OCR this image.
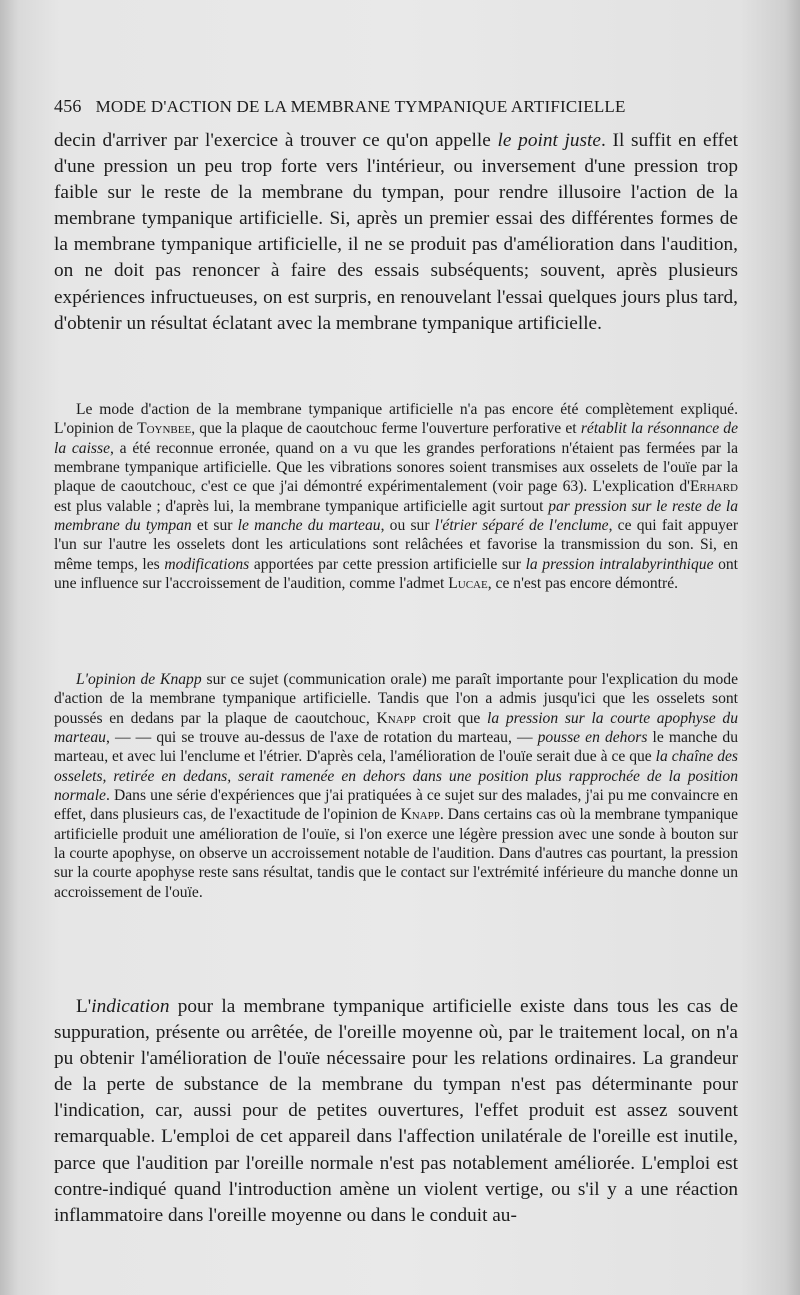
456 MODE D'ACTION DE LA MEMBRANE TYMPANIQUE ARTIFICIELLE

decin d'arriver par l'exercice à trouver ce qu'on appelle le point juste. Il suffit en effet d'une pression un peu trop forte vers l'intérieur, ou inversement d'une pression trop faible sur le reste de la membrane du tympan, pour rendre illusoire l'action de la membrane tympanique artificielle. Si, après un premier essai des différentes formes de la membrane tympanique artificielle, il ne se produit pas d'amélioration dans l'audition, on ne doit pas renoncer à faire des essais subséquents; souvent, après plusieurs expériences infructueuses, on est surpris, en renouvelant l'essai quelques jours plus tard, d'obtenir un résultat éclatant avec la membrane tympanique artificielle.

Le mode d'action de la membrane tympanique artificielle n'a pas encore été complètement expliqué. L'opinion de Toynbee, que la plaque de caoutchouc ferme l'ouverture perforative et rétablit la résonnance de la caisse, a été reconnue erronée, quand on a vu que les grandes perforations n'étaient pas fermées par la membrane tympanique artificielle. Que les vibrations sonores soient transmises aux osselets de l'ouïe par la plaque de caoutchouc, c'est ce que j'ai démontré expérimentalement (voir page 63). L'explication d'Erhard est plus valable ; d'après lui, la membrane tympanique artificielle agit surtout par pression sur le reste de la membrane du tympan et sur le manche du marteau, ou sur l'étrier séparé de l'enclume, ce qui fait appuyer l'un sur l'autre les osselets dont les articulations sont relâchées et favorise la transmission du son. Si, en même temps, les modifications apportées par cette pression artificielle sur la pression intralabyrinthique ont une influence sur l'accroissement de l'audition, comme l'admet Lucae, ce n'est pas encore démontré.

L'opinion de Knapp sur ce sujet (communication orale) me paraît importante pour l'explication du mode d'action de la membrane tympanique artificielle. Tandis que l'on a admis jusqu'ici que les osselets sont poussés en dedans par la plaque de caoutchouc, Knapp croit que la pression sur la courte apophyse du marteau, — — qui se trouve au-dessus de l'axe de rotation du marteau, — pousse en dehors le manche du marteau, et avec lui l'enclume et l'étrier. D'après cela, l'amélioration de l'ouïe serait due à ce que la chaîne des osselets, retirée en dedans, serait ramenée en dehors dans une position plus rapprochée de la position normale. Dans une série d'expériences que j'ai pratiquées à ce sujet sur des malades, j'ai pu me convaincre en effet, dans plusieurs cas, de l'exactitude de l'opinion de Knapp. Dans certains cas où la membrane tympanique artificielle produit une amélioration de l'ouïe, si l'on exerce une légère pression avec une sonde à bouton sur la courte apophyse, on observe un accroissement notable de l'audition. Dans d'autres cas pourtant, la pression sur la courte apophyse reste sans résultat, tandis que le contact sur l'extrémité inférieure du manche donne un accroissement de l'ouïe.

L'indication pour la membrane tympanique artificielle existe dans tous les cas de suppuration, présente ou arrêtée, de l'oreille moyenne où, par le traitement local, on n'a pu obtenir l'amélioration de l'ouïe nécessaire pour les relations ordinaires. La grandeur de la perte de substance de la membrane du tympan n'est pas déterminante pour l'indication, car, aussi pour de petites ouvertures, l'effet produit est assez souvent remarquable. L'emploi de cet appareil dans l'affection unilatérale de l'oreille est inutile, parce que l'audition par l'oreille normale n'est pas notablement améliorée. L'emploi est contre-indiqué quand l'introduction amène un violent vertige, ou s'il y a une réaction inflammatoire dans l'oreille moyenne ou dans le conduit au-
